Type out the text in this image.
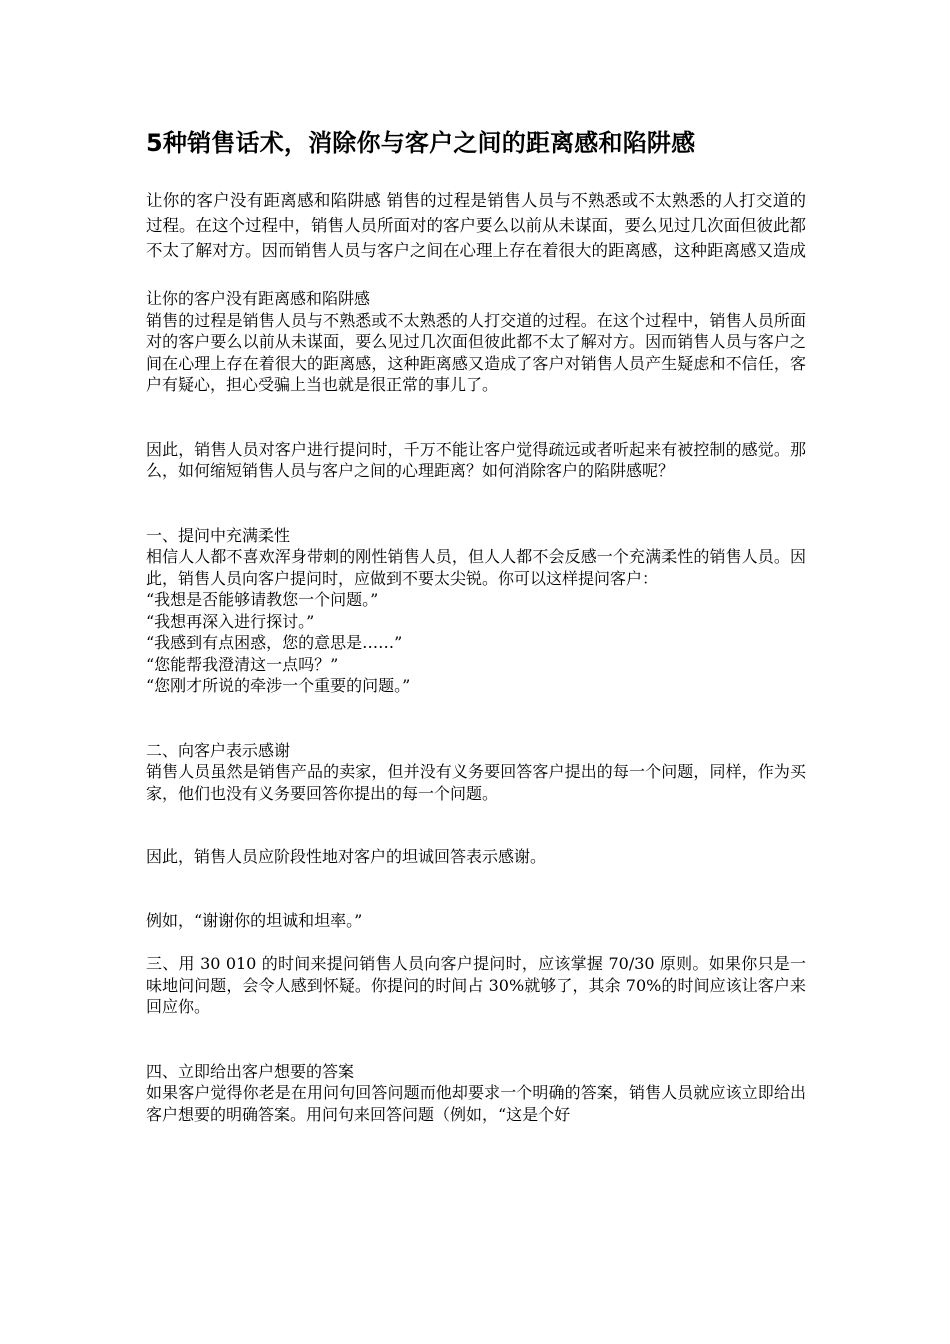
5种销售话术，消除你与客户之间的距离感和陷阱感

让你的客户没有距离感和陷阱感 销售的过程是销售人员与不熟悉或不太熟悉的人打交道的过程。在这个过程中，销售人员所面对的客户要么以前从未谋面，要么见过几次面但彼此都不太了解对方。因而销售人员与客户之间在心理上存在着很大的距离感，这种距离感又造成

让你的客户没有距离感和陷阱感

销售的过程是销售人员与不熟悉或不太熟悉的人打交道的过程。在这个过程中，销售人员所面对的客户要么以前从未谋面，要么见过几次面但彼此都不太了解对方。因而销售人员与客户之间在心理上存在着很大的距离感，这种距离感又造成了客户对销售人员产生疑虑和不信任，客户有疑心，担心受骗上当也就是很正常的事儿了。

因此，销售人员对客户进行提问时，千万不能让客户觉得疏远或者听起来有被控制的感觉。那么，如何缩短销售人员与客户之间的心理距离？如何消除客户的陷阱感呢？

一、提问中充满柔性

相信人人都不喜欢浑身带刺的刚性销售人员，但人人都不会反感一个充满柔性的销售人员。因此，销售人员向客户提问时，应做到不要太尖锐。你可以这样提问客户：

“我想是否能够请教您一个问题。”
“我想再深入进行探讨。”
“我感到有点困惑，您的意思是……”
“您能帮我澄清这一点吗？”
“您刚才所说的牵涉一个重要的问题。”
二、向客户表示感谢

销售人员虽然是销售产品的卖家，但并没有义务要回答客户提出的每一个问题，同样，作为买家，他们也没有义务要回答你提出的每一个问题。

因此，销售人员应阶段性地对客户的坦诚回答表示感谢。

例如，“谢谢你的坦诚和坦率。”

三、用 30 010 的时间来提问销售人员向客户提问时，应该掌握 70/30 原则。如果你只是一味地问问题，会令人感到怀疑。你提问的时间占 30%就够了，其余 70%的时间应该让客户来回应你。

四、立即给出客户想要的答案

如果客户觉得你老是在用问句回答问题而他却要求一个明确的答案，销售人员就应该立即给出客户想要的明确答案。用问句来回答问题（例如，“这是个好
